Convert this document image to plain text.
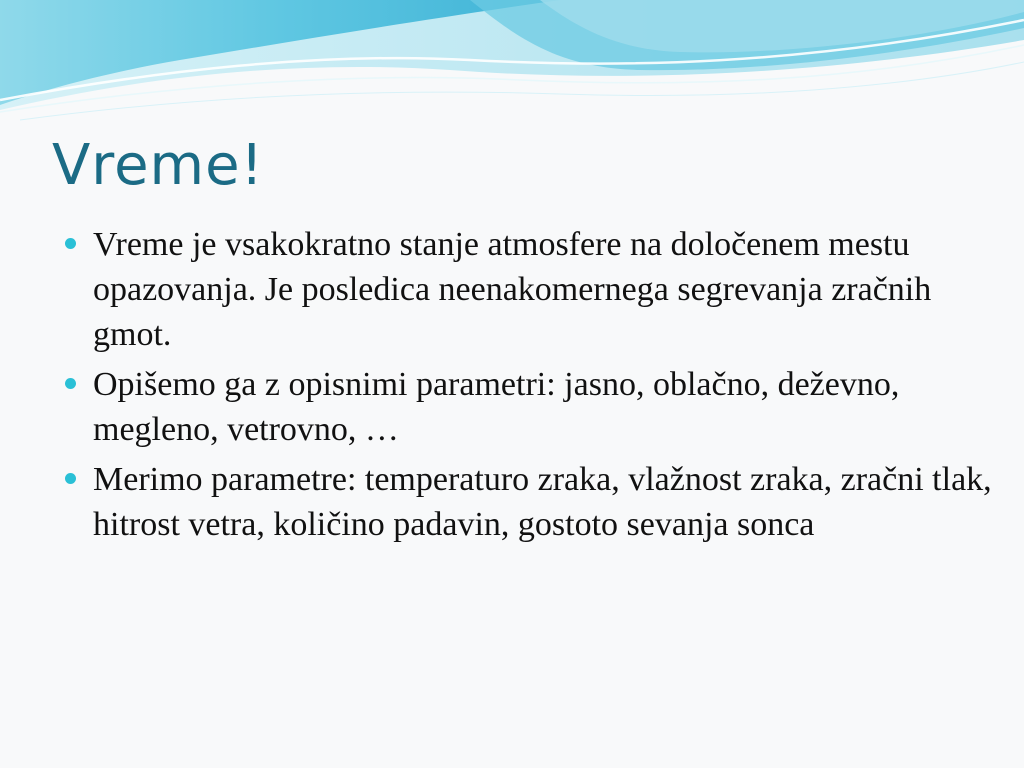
Vreme!
Vreme je vsakokratno stanje atmosfere na določenem mestu opazovanja. Je posledica neenakomernega segrevanja zračnih gmot.
Opišemo ga z opisnimi parametri: jasno, oblačno, deževno, megleno, vetrovno, …
Merimo parametre: temperaturo zraka, vlažnost zraka, zračni tlak, hitrost vetra, količino padavin, gostoto sevanja sonca
